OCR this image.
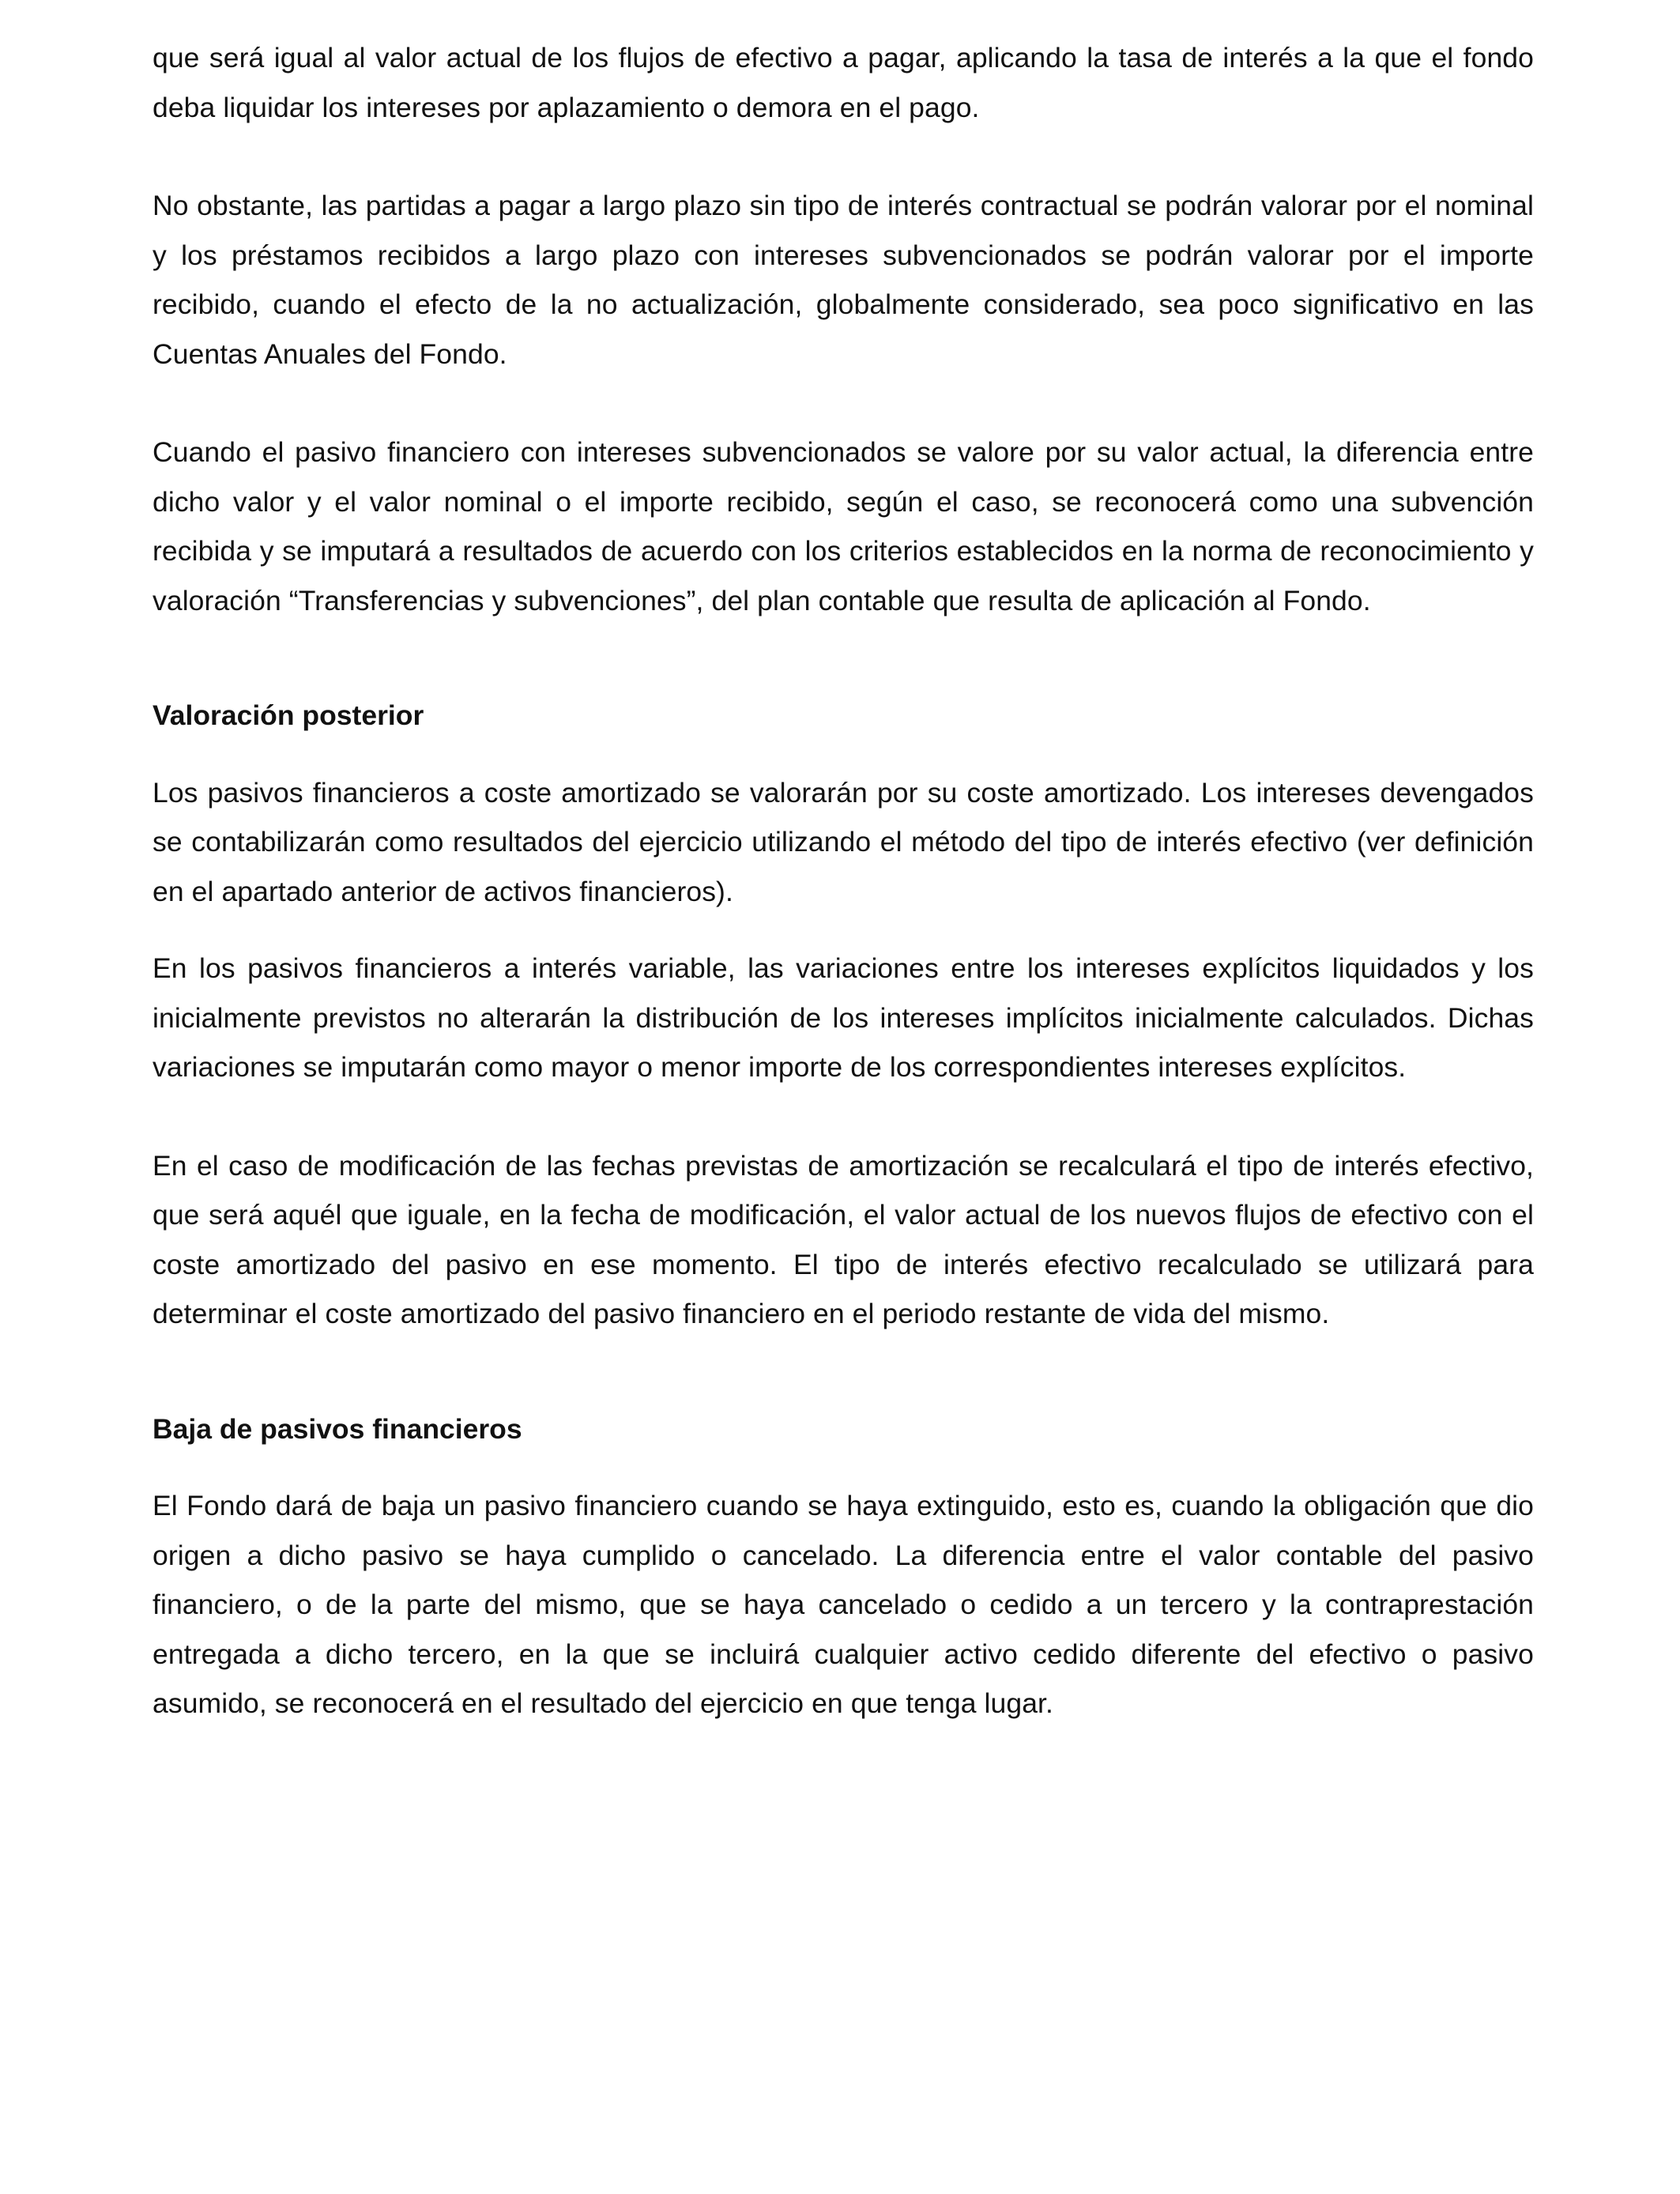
que será igual al valor actual de los flujos de efectivo a pagar, aplicando la tasa de interés a la que el fondo deba liquidar los intereses por aplazamiento o demora en el pago.

No obstante, las partidas a pagar a largo plazo sin tipo de interés contractual se podrán valorar por el nominal y los préstamos recibidos a largo plazo con intereses subvencionados se podrán valorar por el importe recibido, cuando el efecto de la no actualización, globalmente considerado, sea poco significativo en las Cuentas Anuales del Fondo.

Cuando el pasivo financiero con intereses subvencionados se valore por su valor actual, la diferencia entre dicho valor y el valor nominal o el importe recibido, según el caso, se reconocerá como una subvención recibida y se imputará a resultados de acuerdo con los criterios establecidos en la norma de reconocimiento y valoración “Transferencias y subvenciones”, del plan contable que resulta de aplicación al Fondo.

Valoración posterior

Los pasivos financieros a coste amortizado se valorarán por su coste amortizado. Los intereses devengados se contabilizarán como resultados del ejercicio utilizando el método del tipo de interés efectivo (ver definición en el apartado anterior de activos financieros).

En los pasivos financieros a interés variable, las variaciones entre los intereses explícitos liquidados y los inicialmente previstos no alterarán la distribución de los intereses implícitos inicialmente calculados. Dichas variaciones se imputarán como mayor o menor importe de los correspondientes intereses explícitos.

En el caso de modificación de las fechas previstas de amortización se recalculará el tipo de interés efectivo, que será aquél que iguale, en la fecha de modificación, el valor actual de los nuevos flujos de efectivo con el coste amortizado del pasivo en ese momento. El tipo de interés efectivo recalculado se utilizará para determinar el coste amortizado del pasivo financiero en el periodo restante de vida del mismo.

Baja de pasivos financieros

El Fondo dará de baja un pasivo financiero cuando se haya extinguido, esto es, cuando la obligación que dio origen a dicho pasivo se haya cumplido o cancelado. La diferencia entre el valor contable del pasivo financiero, o de la parte del mismo, que se haya cancelado o cedido a un tercero y la contraprestación entregada a dicho tercero, en la que se incluirá cualquier activo cedido diferente del efectivo o pasivo asumido, se reconocerá en el resultado del ejercicio en que tenga lugar.
